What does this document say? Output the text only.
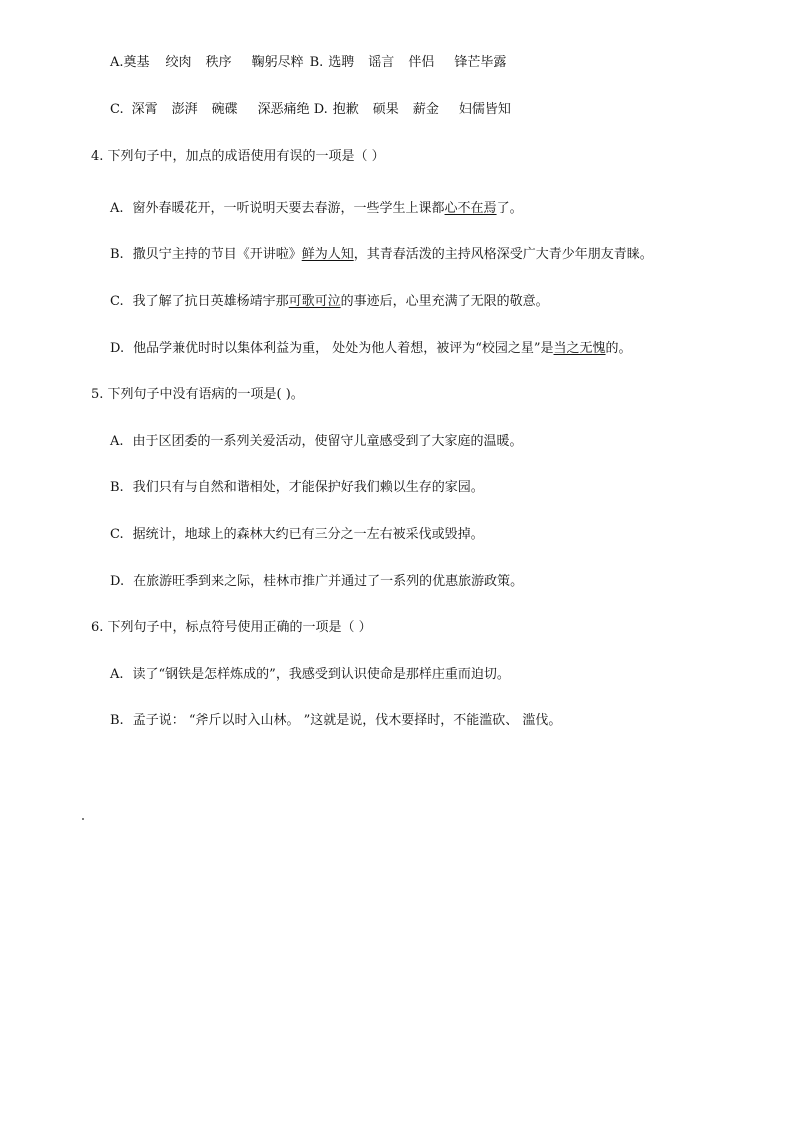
A.奠基 绞肉 秩序 鞠躬尽粹 B. 选聘 谣言 伴侣 锋芒毕露
C. 深霄 澎湃 碗碟 深恶痛绝 D. 抱歉 硕果 薪金 妇儒皆知
4. 下列句子中，加点的成语使用有误的一项是（ ）
A. 窗外春暖花开，一听说明天要去春游，一些学生上课都心不在焉了。
B. 撒贝宁主持的节目《开讲啦》鲜为人知，其青春活泼的主持风格深受广大青少年朋友青睐。
C. 我了解了抗日英雄杨靖宇那可歌可泣的事迹后，心里充满了无限的敬意。
D. 他品学兼优时时以集体利益为重， 处处为他人着想，被评为“校园之星”是当之无愧的。
5. 下列句子中没有语病的一项是( )。
A. 由于区团委的一系列关爱活动，使留守儿童感受到了大家庭的温暖。
B. 我们只有与自然和谐相处，才能保护好我们赖以生存的家园。
C. 据统计，地球上的森林大约已有三分之一左右被采伐或毁掉。
D. 在旅游旺季到来之际，桂林市推广并通过了一系列的优惠旅游政策。
6. 下列句子中，标点符号使用正确的一项是（ ）
A. 读了“钢铁是怎样炼成的”，我感受到认识使命是那样庄重而迫切。
B. 孟子说： “斧斤以时入山林。 ”这就是说，伐木要择时，不能滥砍、 滥伐。
